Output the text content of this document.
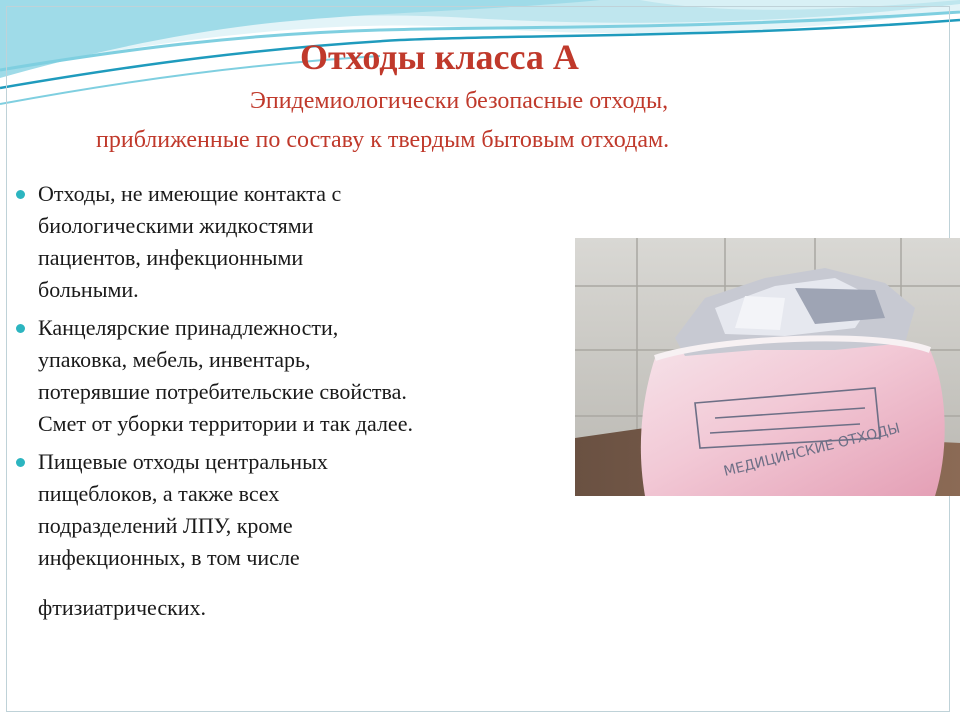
Отходы класса А
Эпидемиологически безопасные отходы,
приближенные по составу к твердым бытовым отходам.
Отходы, не имеющие контакта с
биологическими жидкостями
пациентов, инфекционными
больными.
Канцелярские принадлежности,
упаковка, мебель, инвентарь,
потерявшие потребительские свойства.
Смет от уборки территории и так далее.
Пищевые отходы центральных
пищеблоков, а также всех
подразделений ЛПУ, кроме
инфекционных, в том числе
фтизиатрических.
МЕДИЦИНСКИЕ ОТХОДЫ
